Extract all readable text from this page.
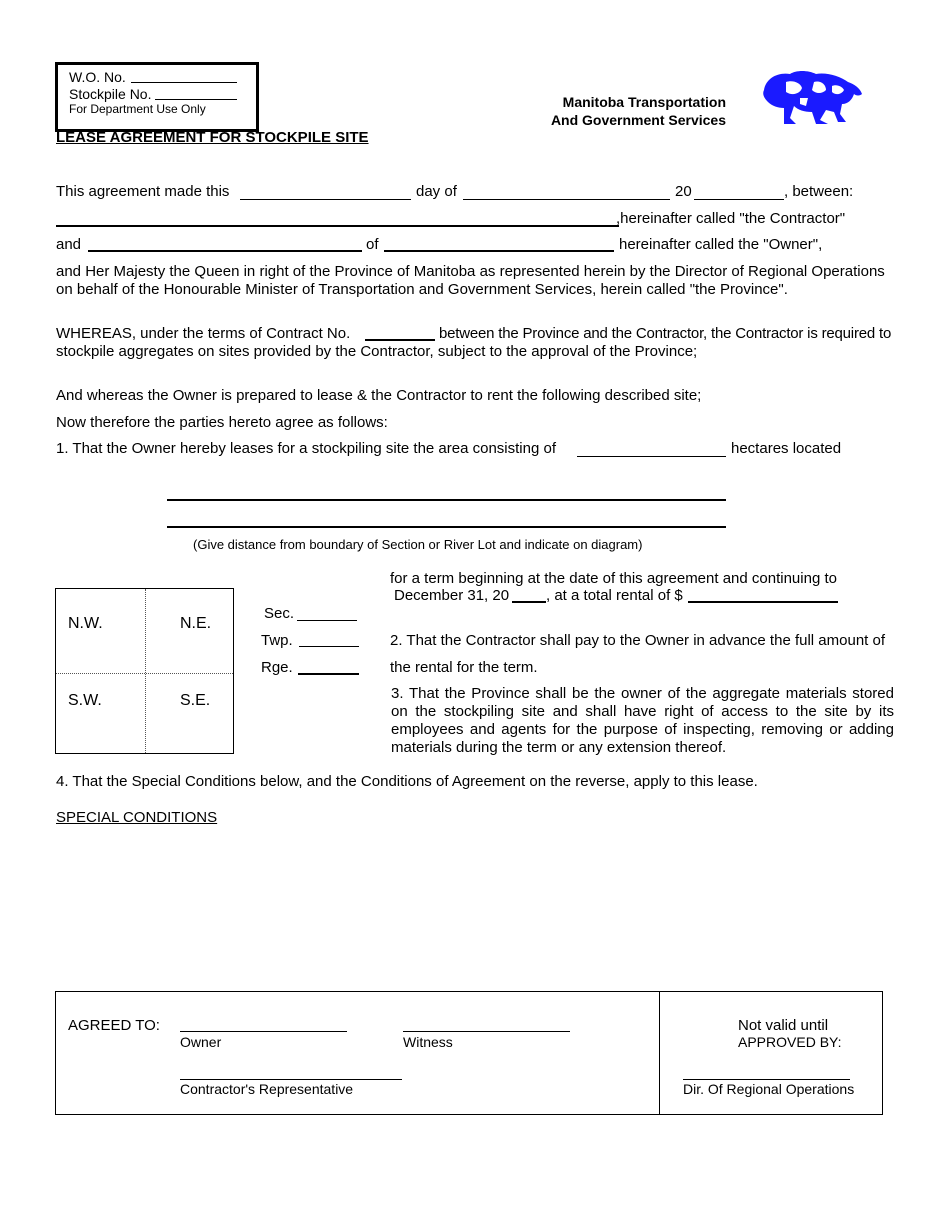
W.O. No.
Stockpile No.
For Department Use Only	Manitoba Transportation
And Government Services
LEASE AGREEMENT FOR STOCKPILE SITE
This agreement made this	day of	20	, between:
,hereinafter called "the Contractor"
and	of	hereinafter called the "Owner",
and Her Majesty the Queen in right of the Province of Manitoba as represented herein by the Director of Regional Operations on behalf of the Honourable Minister of Transportation and Government Services, herein called "the Province".
WHEREAS, under the terms of Contract No.	between the Province and the Contractor, the Contractor is required to
stockpile aggregates on sites provided by the Contractor, subject to the approval of the Province;
And whereas the Owner is prepared to lease & the Contractor to rent the following described site;
Now therefore the parties hereto agree as follows:
1. That the Owner hereby leases for a stockpiling site the area consisting of	hectares located
(Give distance from boundary of Section or River Lot and indicate on diagram)
N.W.	N.E.
S.W.	S.E.
Sec.
Twp.
Rge.
for a term beginning at the date of this agreement and continuing to
December 31, 20 , at a total rental of $
2. That the Contractor shall pay to the Owner in advance the full amount of
the rental for the term.
3. That the Province shall be the owner of the aggregate materials stored on the stockpiling site and shall have right of access to the site by its employees and agents for the purpose of inspecting, removing or adding materials during the term or any extension thereof.
4. That the Special Conditions below, and the Conditions of Agreement on the reverse, apply to this lease.
SPECIAL CONDITIONS
AGREED TO:
Owner	Witness
Contractor's Representative
Not valid until
APPROVED BY:
Dir. Of Regional Operations
